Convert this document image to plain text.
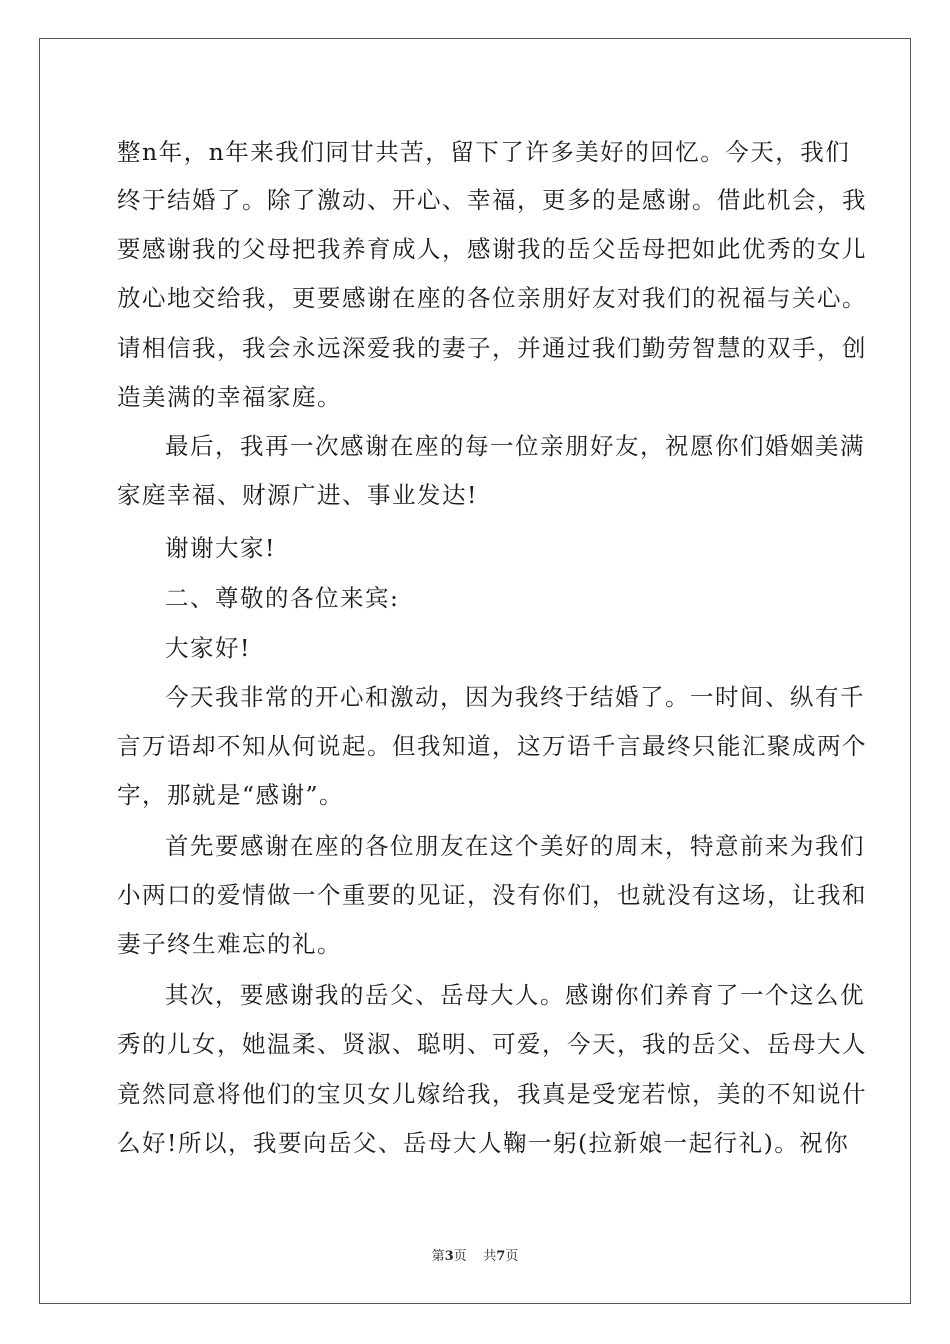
整n年，n年来我们同甘共苦，留下了许多美好的回忆。今天，我们
终于结婚了。除了激动、开心、幸福，更多的是感谢。借此机会，我
要感谢我的父母把我养育成人，感谢我的岳父岳母把如此优秀的女儿
放心地交给我，更要感谢在座的各位亲朋好友对我们的祝福与关心。
请相信我，我会永远深爱我的妻子，并通过我们勤劳智慧的双手，创
造美满的幸福家庭。
最后，我再一次感谢在座的每一位亲朋好友，祝愿你们婚姻美满
家庭幸福、财源广进、事业发达!
谢谢大家!
二、尊敬的各位来宾:
大家好!
今天我非常的开心和激动，因为我终于结婚了。一时间、纵有千
言万语却不知从何说起。但我知道，这万语千言最终只能汇聚成两个
字，那就是“感谢”。
首先要感谢在座的各位朋友在这个美好的周末，特意前来为我们
小两口的爱情做一个重要的见证，没有你们，也就没有这场，让我和
妻子终生难忘的礼。
其次，要感谢我的岳父、岳母大人。感谢你们养育了一个这么优
秀的儿女，她温柔、贤淑、聪明、可爱，今天，我的岳父、岳母大人
竟然同意将他们的宝贝女儿嫁给我，我真是受宠若惊，美的不知说什
么好!所以，我要向岳父、岳母大人鞠一躬(拉新娘一起行礼)。祝你
第3页 共7页
